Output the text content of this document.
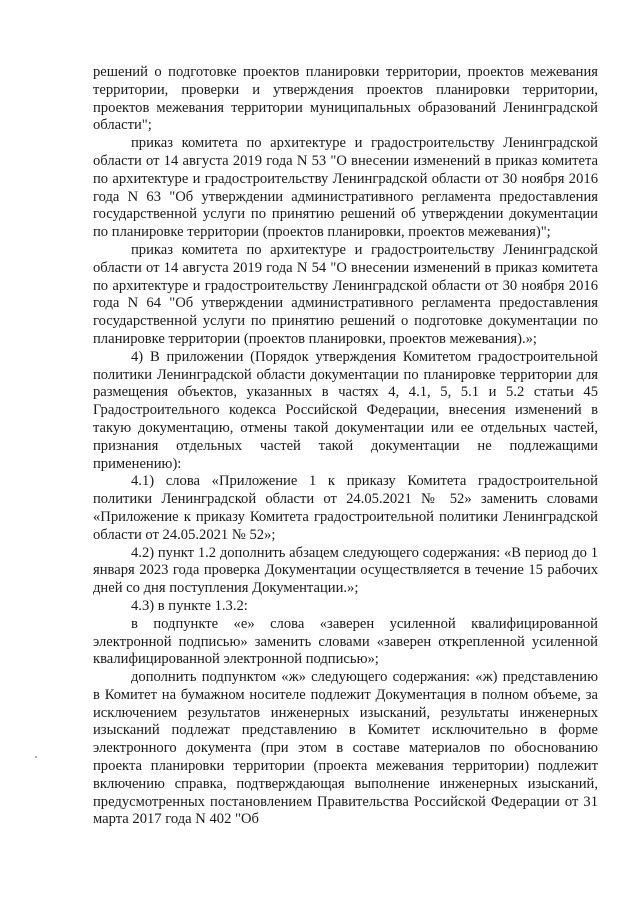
решений о подготовке проектов планировки территории, проектов межевания территории, проверки и утверждения проектов планировки территории, проектов межевания территории муниципальных образований Ленинградской области";

приказ комитета по архитектуре и градостроительству Ленинградской области от 14 августа 2019 года N 53 "О внесении изменений в приказ комитета по архитектуре и градостроительству Ленинградской области от 30 ноября 2016 года N 63 "Об утверждении административного регламента предоставления государственной услуги по принятию решений об утверждении документации по планировке территории (проектов планировки, проектов межевания)";

приказ комитета по архитектуре и градостроительству Ленинградской области от 14 августа 2019 года N 54 "О внесении изменений в приказ комитета по архитектуре и градостроительству Ленинградской области от 30 ноября 2016 года N 64 "Об утверждении административного регламента предоставления государственной услуги по принятию решений о подготовке документации по планировке территории (проектов планировки, проектов межевания).»;

4) В приложении (Порядок утверждения Комитетом градостроительной политики Ленинградской области документации по планировке территории для размещения объектов, указанных в частях 4, 4.1, 5, 5.1 и 5.2 статьи 45 Градостроительного кодекса Российской Федерации, внесения изменений в такую документацию, отмены такой документации или ее отдельных частей, признания отдельных частей такой документации не подлежащими применению):

4.1) слова «Приложение 1 к приказу Комитета градостроительной политики Ленинградской области от 24.05.2021 № 52» заменить словами «Приложение к приказу Комитета градостроительной политики Ленинградской области от 24.05.2021 № 52»;

4.2) пункт 1.2 дополнить абзацем следующего содержания: «В период до 1 января 2023 года проверка Документации осуществляется в течение 15 рабочих дней со дня поступления Документации.»;

4.3) в пункте 1.3.2:

в подпункте «е» слова «заверен усиленной квалифицированной электронной подписью» заменить словами «заверен открепленной усиленной квалифицированной электронной подписью»;

дополнить подпунктом «ж» следующего содержания: «ж) представлению в Комитет на бумажном носителе подлежит Документация в полном объеме, за исключением результатов инженерных изысканий, результаты инженерных изысканий подлежат представлению в Комитет исключительно в форме электронного документа (при этом в составе материалов по обоснованию проекта планировки территории (проекта межевания территории) подлежит включению справка, подтверждающая выполнение инженерных изысканий, предусмотренных постановлением Правительства Российской Федерации от 31 марта 2017 года N 402 "Об
